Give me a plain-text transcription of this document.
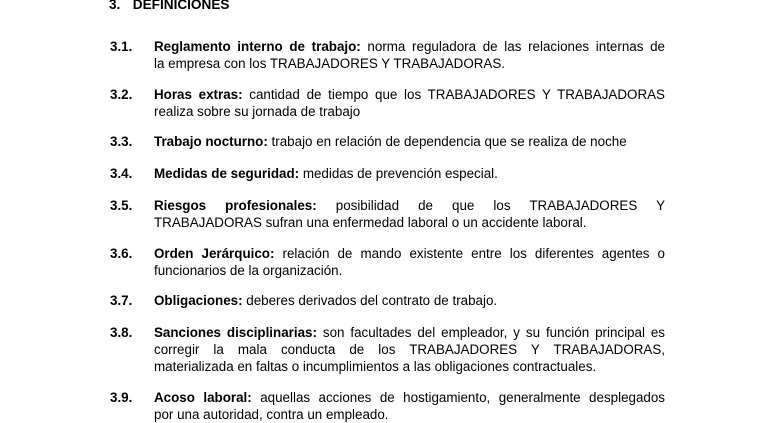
3. DEFINICIONES
3.1. Reglamento interno de trabajo: norma reguladora de las relaciones internas de
la empresa con los TRABAJADORES Y TRABAJADORAS.
3.2. Horas extras: cantidad de tiempo que los TRABAJADORES Y TRABAJADORAS
realiza sobre su jornada de trabajo
3.3. Trabajo nocturno: trabajo en relación de dependencia que se realiza de noche
3.4. Medidas de seguridad: medidas de prevención especial.
3.5. Riesgos profesionales: posibilidad de que los TRABAJADORES Y
TRABAJADORAS sufran una enfermedad laboral o un accidente laboral.
3.6. Orden Jerárquico: relación de mando existente entre los diferentes agentes o
funcionarios de la organización.
3.7. Obligaciones: deberes derivados del contrato de trabajo.
3.8. Sanciones disciplinarias: son facultades del empleador, y su función principal es
corregir la mala conducta de los TRABAJADORES Y TRABAJADORAS,
materializada en faltas o incumplimientos a las obligaciones contractuales.
3.9. Acoso laboral: aquellas acciones de hostigamiento, generalmente desplegados
por una autoridad, contra un empleado.
